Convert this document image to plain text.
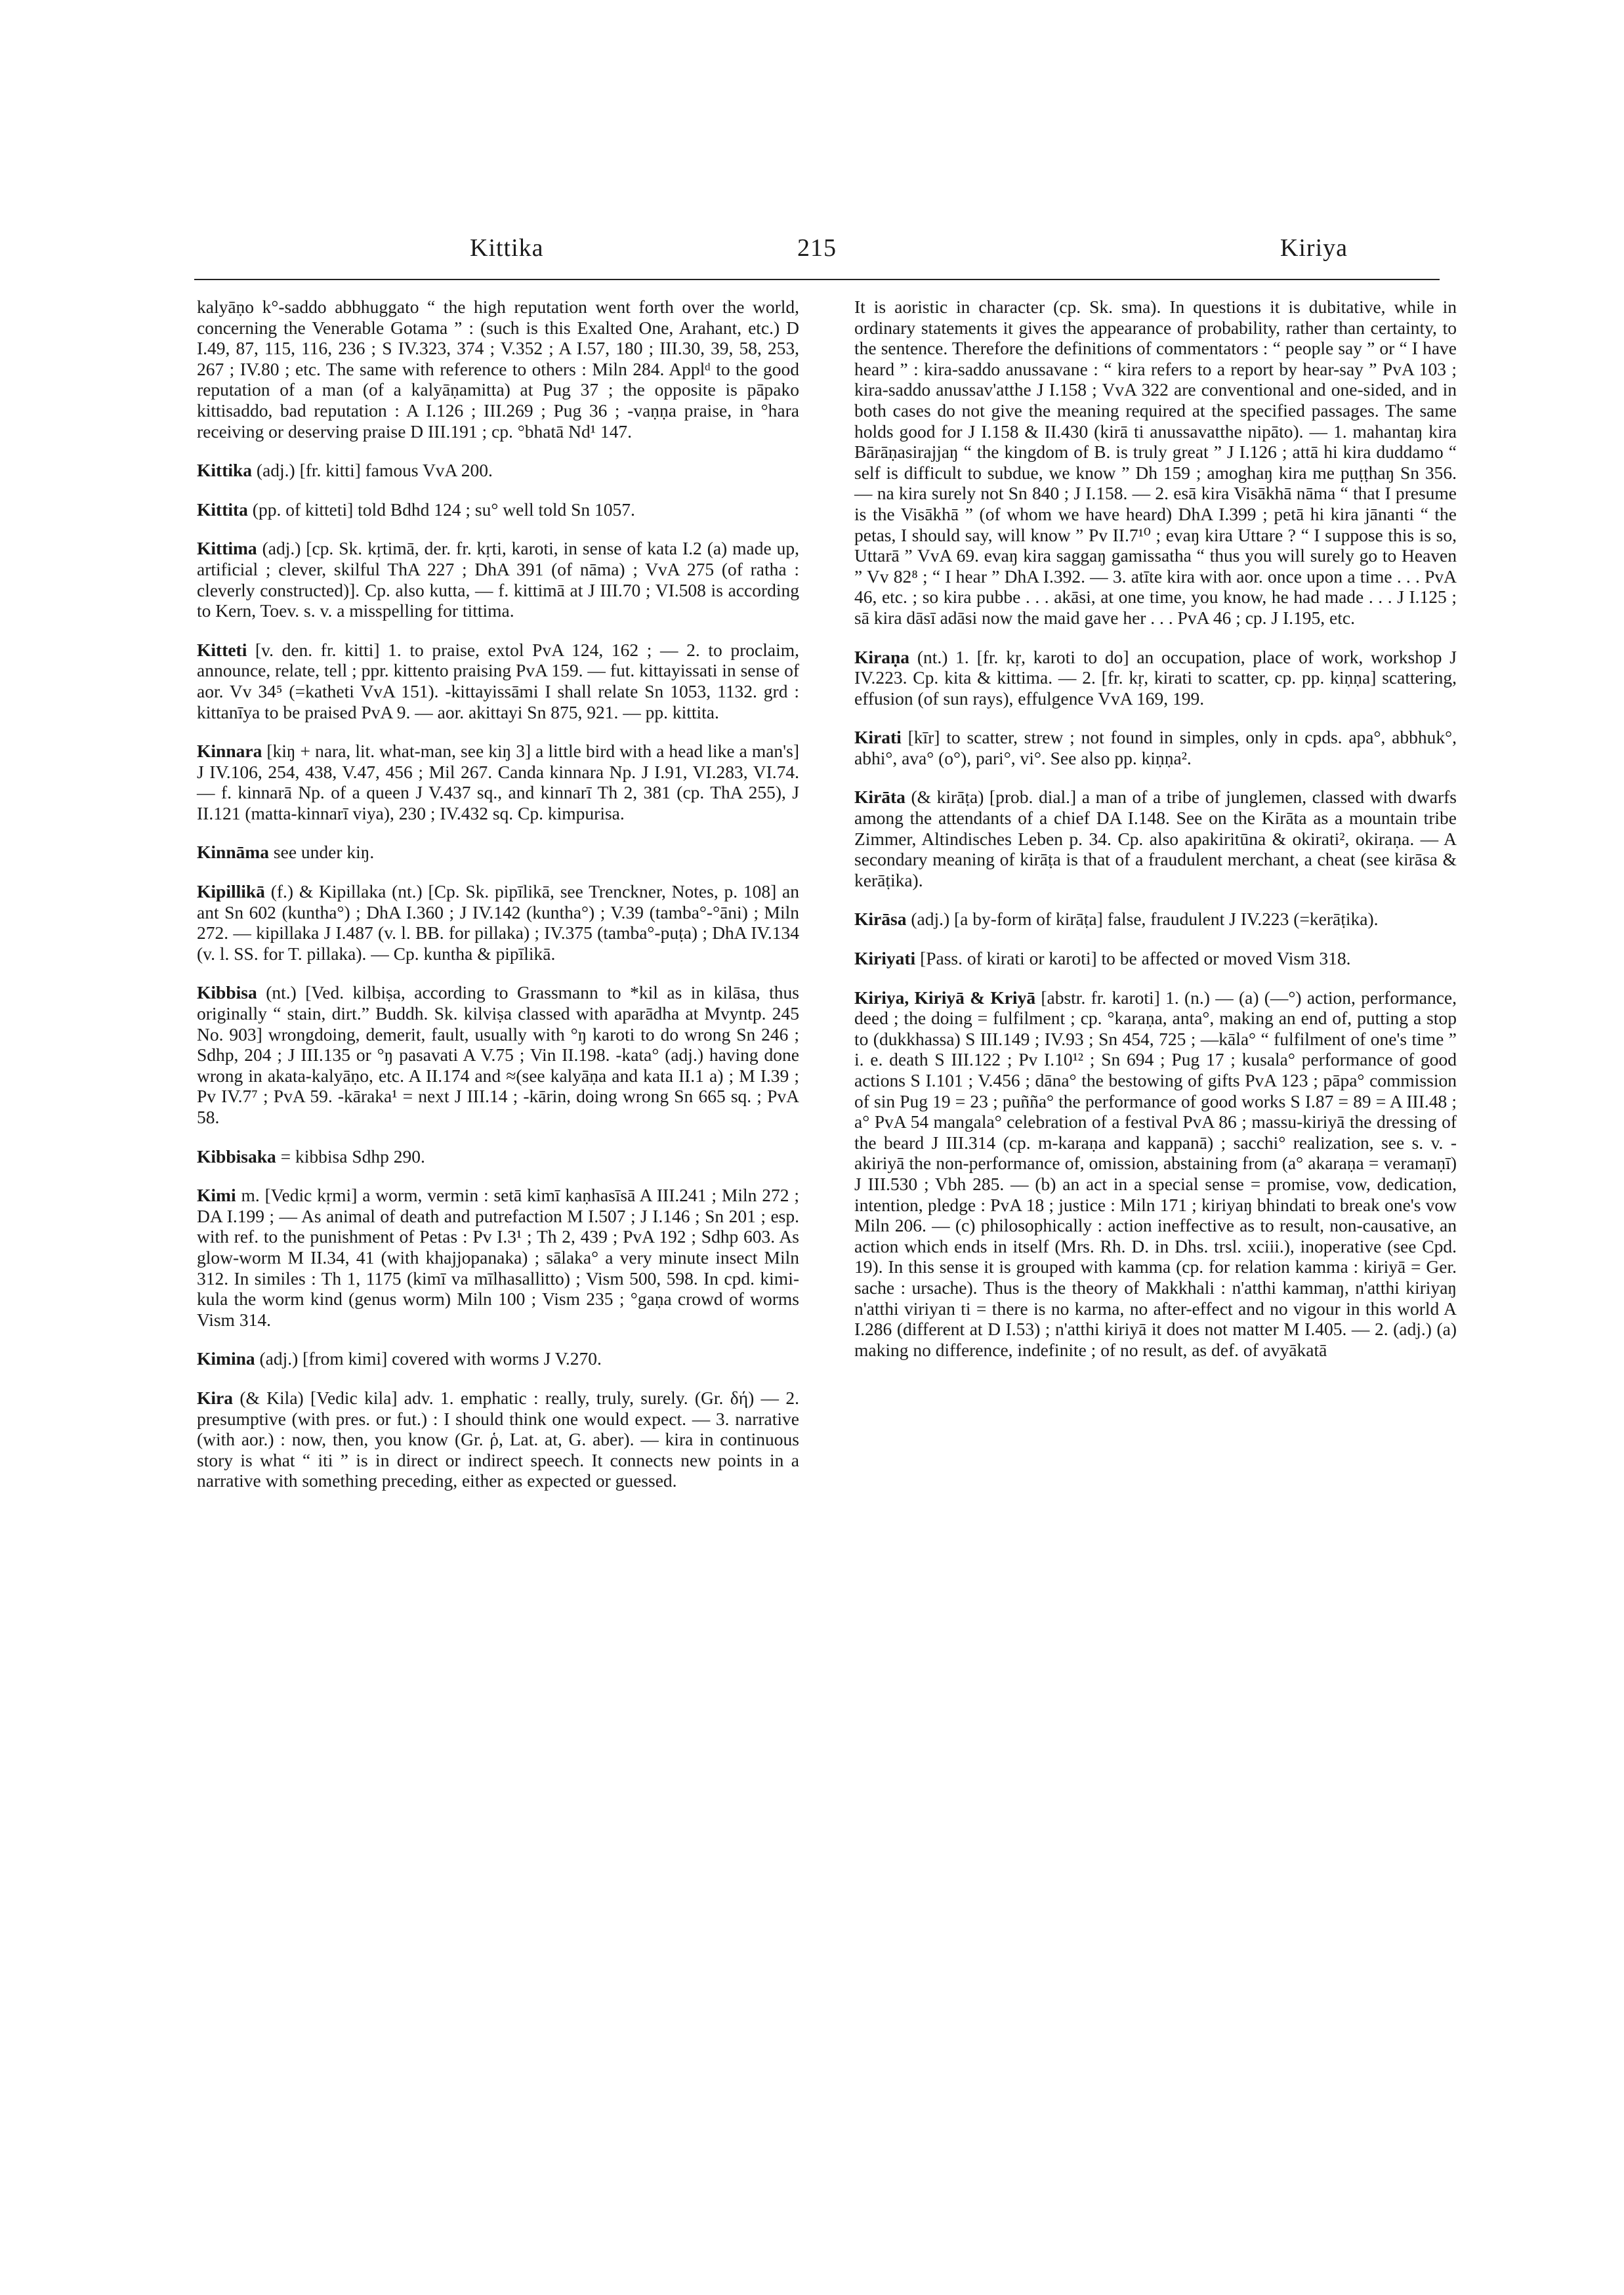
Kittika	215	Kiriya

kalyāṇo k°-saddo abbhuggato “ the high reputation went forth over the world, concerning the Venerable Gotama ” : (such is this Exalted One, Arahant, etc.) D I.49, 87, 115, 116, 236 ; S IV.323, 374 ; V.352 ; A I.57, 180 ; III.30, 39, 58, 253, 267 ; IV.80 ; etc. The same with reference to others : Miln 284. Applᵈ to the good reputation of a man (of a kalyāṇamitta) at Pug 37 ; the opposite is pāpako kittisaddo, bad reputation : A I.126 ; III.269 ; Pug 36 ; -vaṇṇa praise, in °hara receiving or deserving praise D III.191 ; cp. °bhatā Nd¹ 147.

Kittika (adj.) [fr. kitti] famous VvA 200.

Kittita (pp. of kitteti] told Bdhd 124 ; su° well told Sn 1057.

Kittima (adj.) [cp. Sk. kṛtimā, der. fr. kṛti, karoti, in sense of kata I.2 (a) made up, artificial ; clever, skilful ThA 227 ; DhA 391 (of nāma) ; VvA 275 (of ratha : cleverly constructed)]. Cp. also kutta, — f. kittimā at J III.70 ; VI.508 is according to Kern, Toev. s. v. a misspelling for tittima.

Kitteti [v. den. fr. kitti] 1. to praise, extol PvA 124, 162 ; — 2. to proclaim, announce, relate, tell ; ppr. kittento praising PvA 159. — fut. kittayissati in sense of aor. Vv 34⁵ (=katheti VvA 151). -kittayissāmi I shall relate Sn 1053, 1132. grd : kittanīya to be praised PvA 9. — aor. akittayi Sn 875, 921. — pp. kittita.

Kinnara [kiŋ + nara, lit. what-man, see kiŋ 3] a little bird with a head like a man's] J IV.106, 254, 438, V.47, 456 ; Mil 267. Canda kinnara Np. J I.91, VI.283, VI.74. — f. kinnarā Np. of a queen J V.437 sq., and kinnarī Th 2, 381 (cp. ThA 255), J II.121 (matta-kinnarī viya), 230 ; IV.432 sq. Cp. kimpurisa.

Kinnāma see under kiŋ.

Kipillikā (f.) & Kipillaka (nt.) [Cp. Sk. pipīlikā, see Trenckner, Notes, p. 108] an ant Sn 602 (kuntha°) ; DhA I.360 ; J IV.142 (kuntha°) ; V.39 (tamba°-°āni) ; Miln 272. — kipillaka J I.487 (v. l. BB. for pillaka) ; IV.375 (tamba°-puṭa) ; DhA IV.134 (v. l. SS. for T. pillaka). — Cp. kuntha & pipīlikā.

Kibbisa (nt.) [Ved. kilbiṣa, according to Grassmann to *kil as in kilāsa, thus originally “ stain, dirt.” Buddh. Sk. kilviṣa classed with aparādha at Mvyntp. 245 No. 903] wrongdoing, demerit, fault, usually with °ŋ karoti to do wrong Sn 246 ; Sdhp, 204 ; J III.135 or °ŋ pasavati A V.75 ; Vin II.198. -kata° (adj.) having done wrong in akata-kalyāṇo, etc. A II.174 and ≈(see kalyāṇa and kata II.1 a) ; M I.39 ; Pv IV.7⁷ ; PvA 59. -kāraka¹ = next J III.14 ; -kārin, doing wrong Sn 665 sq. ; PvA 58.

Kibbisaka = kibbisa Sdhp 290.

Kimi m. [Vedic kṛmi] a worm, vermin : setā kimī kaṇhasīsā A III.241 ; Miln 272 ; DA I.199 ; — As animal of death and putrefaction M I.507 ; J I.146 ; Sn 201 ; esp. with ref. to the punishment of Petas : Pv I.3¹ ; Th 2, 439 ; PvA 192 ; Sdhp 603. As glow-worm M II.34, 41 (with khajjopanaka) ; sālaka° a very minute insect Miln 312. In similes : Th 1, 1175 (kimī va mīlhasallitto) ; Vism 500, 598. In cpd. kimi-kula the worm kind (genus worm) Miln 100 ; Vism 235 ; °gaṇa crowd of worms Vism 314.

Kimina (adj.) [from kimi] covered with worms J V.270.

Kira (& Kila) [Vedic kila] adv. 1. emphatic : really, truly, surely. (Gr. δή) — 2. presumptive (with pres. or fut.) : I should think one would expect. — 3. narrative (with aor.) : now, then, you know (Gr. ῥ, Lat. at, G. aber). — kira in continuous story is what “ iti ” is in direct or indirect speech. It connects new points in a narrative with something preceding, either as expected or guessed.

It is aoristic in character (cp. Sk. sma). In questions it is dubitative, while in ordinary statements it gives the appearance of probability, rather than certainty, to the sentence. Therefore the definitions of commentators : “ people say ” or “ I have heard ” : kira-saddo anussavane : “ kira refers to a report by hear-say ” PvA 103 ; kira-saddo anussav'atthe J I.158 ; VvA 322 are conventional and one-sided, and in both cases do not give the meaning required at the specified passages. The same holds good for J I.158 & II.430 (kirā ti anussavatthe nipāto). — 1. mahantaŋ kira Bārāṇasirajjaŋ “ the kingdom of B. is truly great ” J I.126 ; attā hi kira duddamo “ self is difficult to subdue, we know ” Dh 159 ; amoghaŋ kira me puṭṭhaŋ Sn 356. — na kira surely not Sn 840 ; J I.158. — 2. esā kira Visākhā nāma “ that I presume is the Visākhā ” (of whom we have heard) DhA I.399 ; petā hi kira jānanti “ the petas, I should say, will know ” Pv II.7¹⁰ ; evaŋ kira Uttare ? “ I suppose this is so, Uttarā ” VvA 69. evaŋ kira saggaŋ gamissatha “ thus you will surely go to Heaven ” Vv 82⁸ ; “ I hear ” DhA I.392. — 3. atīte kira with aor. once upon a time . . . PvA 46, etc. ; so kira pubbe . . . akāsi, at one time, you know, he had made . . . J I.125 ; sā kira dāsī adāsi now the maid gave her . . . PvA 46 ; cp. J I.195, etc.

Kiraṇa (nt.) 1. [fr. kṛ, karoti to do] an occupation, place of work, workshop J IV.223. Cp. kita & kittima. — 2. [fr. kṛ, kirati to scatter, cp. pp. kiṇṇa] scattering, effusion (of sun rays), effulgence VvA 169, 199.

Kirati [kīr] to scatter, strew ; not found in simples, only in cpds. apa°, abbhuk°, abhi°, ava° (o°), pari°, vi°. See also pp. kiṇṇa².

Kirāta (& kirāṭa) [prob. dial.] a man of a tribe of junglemen, classed with dwarfs among the attendants of a chief DA I.148. See on the Kirāta as a mountain tribe Zimmer, Altindisches Leben p. 34. Cp. also apakiritūna & okirati², okiraṇa. — A secondary meaning of kirāṭa is that of a fraudulent merchant, a cheat (see kirāsa & kerāṭika).

Kirāsa (adj.) [a by-form of kirāṭa] false, fraudulent J IV.223 (=kerāṭika).

Kiriyati [Pass. of kirati or karoti] to be affected or moved Vism 318.

Kiriya, Kiriyā & Kriyā [abstr. fr. karoti] 1. (n.) — (a) (—°) action, performance, deed ; the doing = fulfilment ; cp. °karaṇa, anta°, making an end of, putting a stop to (dukkhassa) S III.149 ; IV.93 ; Sn 454, 725 ; —kāla° “ fulfilment of one's time ” i. e. death S III.122 ; Pv I.10¹² ; Sn 694 ; Pug 17 ; kusala° performance of good actions S I.101 ; V.456 ; dāna° the bestowing of gifts PvA 123 ; pāpa° commission of sin Pug 19 = 23 ; puñña° the performance of good works S I.87 = 89 = A III.48 ; a° PvA 54 mangala° celebration of a festival PvA 86 ; massu-kiriyā the dressing of the beard J III.314 (cp. m-karaṇa and kappanā) ; sacchi° realization, see s. v. -akiriyā the non-performance of, omission, abstaining from (a° akaraṇa = veramaṇī) J III.530 ; Vbh 285. — (b) an act in a special sense = promise, vow, dedication, intention, pledge : PvA 18 ; justice : Miln 171 ; kiriyaŋ bhindati to break one's vow Miln 206. — (c) philosophically : action ineffective as to result, non-causative, an action which ends in itself (Mrs. Rh. D. in Dhs. trsl. xciii.), inoperative (see Cpd. 19). In this sense it is grouped with kamma (cp. for relation kamma : kiriyā = Ger. sache : ursache). Thus is the theory of Makkhali : n'atthi kammaŋ, n'atthi kiriyaŋ n'atthi viriyan ti = there is no karma, no after-effect and no vigour in this world A I.286 (different at D I.53) ; n'atthi kiriyā it does not matter M I.405. — 2. (adj.) (a) making no difference, indefinite ; of no result, as def. of avyākatā
